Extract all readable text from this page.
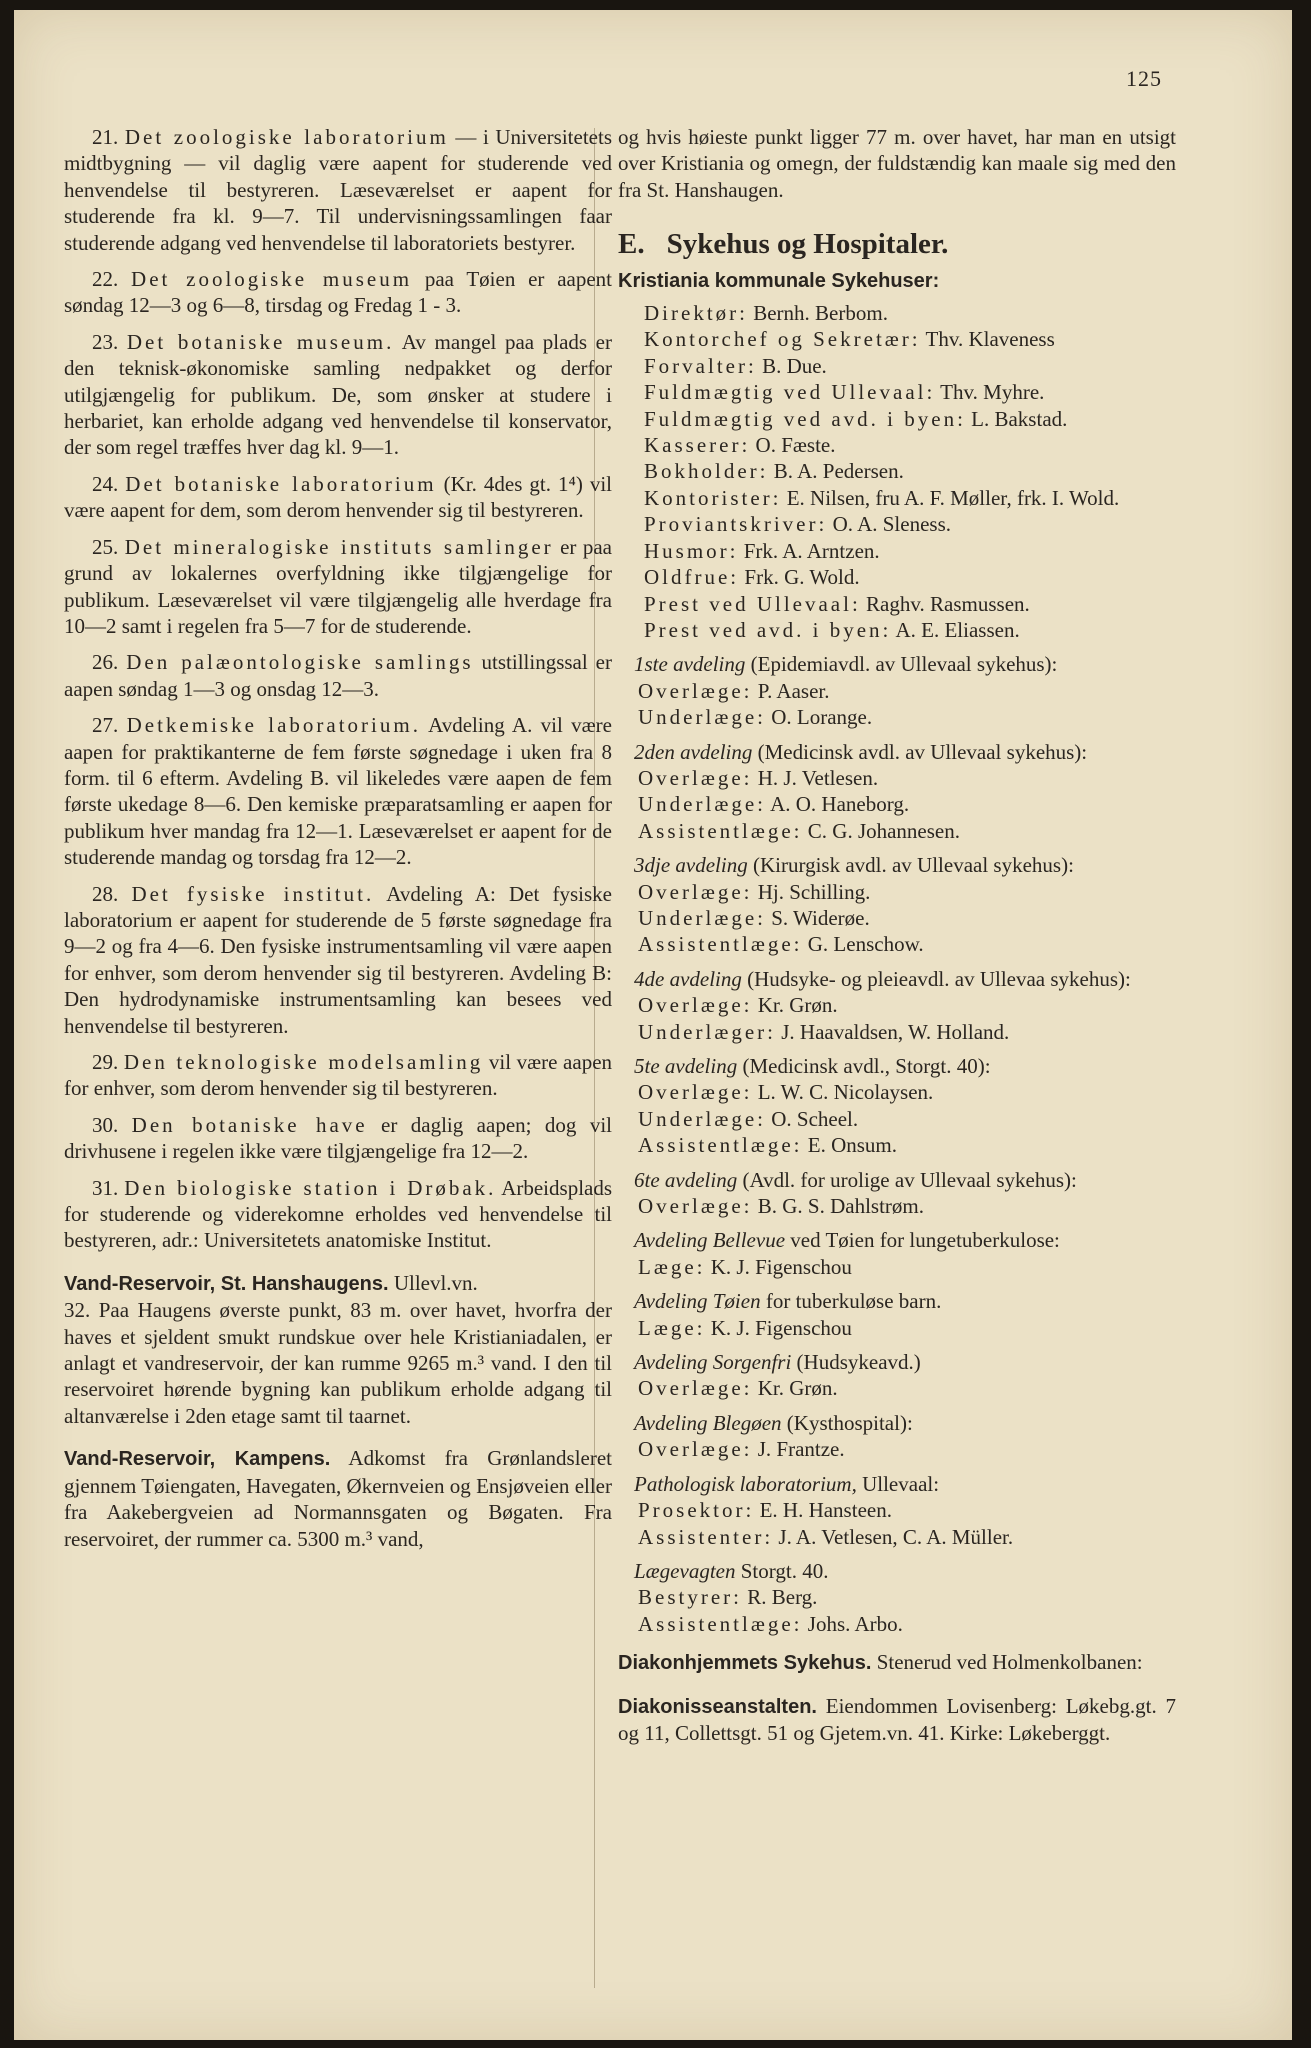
125

21. Det zoologiske laboratorium — i Universitetets midtbygning — vil daglig være aapent for studerende ved henvendelse til bestyreren. Læseværelset er aapent for studerende fra kl. 9—7. Til undervisningssamlingen faar studerende adgang ved henvendelse til laboratoriets bestyrer.

22. Det zoologiske museum paa Tøien er aapent søndag 12—3 og 6—8, tirsdag og Fredag 1 - 3.

23. Det botaniske museum. Av mangel paa plads er den teknisk-økonomiske samling nedpakket og derfor utilgjængelig for publikum. De, som ønsker at studere i herbariet, kan erholde adgang ved henvendelse til konservator, der som regel træffes hver dag kl. 9—1.

24. Det botaniske laboratorium (Kr. 4des gt. 1⁴) vil være aapent for dem, som derom henvender sig til bestyreren.

25. Det mineralogiske instituts samlinger er paa grund av lokalernes overfyldning ikke tilgjængelige for publikum. Læseværelset vil være tilgjængelig alle hverdage fra 10—2 samt i regelen fra 5—7 for de studerende.

26. Den palæontologiske samlings utstillingssal er aapen søndag 1—3 og onsdag 12—3.

27. Detkemiske laboratorium. Avdeling A. vil være aapen for praktikanterne de fem første søgnedage i uken fra 8 form. til 6 efterm. Avdeling B. vil likeledes være aapen de fem første ukedage 8—6. Den kemiske præparatsamling er aapen for publikum hver mandag fra 12—1. Læseværelset er aapent for de studerende mandag og torsdag fra 12—2.

28. Det fysiske institut. Avdeling A: Det fysiske laboratorium er aapent for studerende de 5 første søgnedage fra 9—2 og fra 4—6. Den fysiske instrumentsamling vil være aapen for enhver, som derom henvender sig til bestyreren. Avdeling B: Den hydrodynamiske instrumentsamling kan besees ved henvendelse til bestyreren.

29. Den teknologiske modelsamling vil være aapen for enhver, som derom henvender sig til bestyreren.

30. Den botaniske have er daglig aapen; dog vil drivhusene i regelen ikke være tilgjængelige fra 12—2.

31. Den biologiske station i Drøbak. Arbeidsplads for studerende og viderekomne erholdes ved henvendelse til bestyreren, adr.: Universitetets anatomiske Institut.

Vand-Reservoir, St. Hanshaugens. Ullevl.vn.
32. Paa Haugens øverste punkt, 83 m. over havet, hvorfra der haves et sjeldent smukt rundskue over hele Kristianiadalen, er anlagt et vandreservoir, der kan rumme 9265 m.³ vand. I den til reservoiret hørende bygning kan publikum erholde adgang til altanværelse i 2den etage samt til taarnet.

Vand-Reservoir, Kampens. Adkomst fra Grønlandsleret gjennem Tøiengaten, Havegaten, Økernveien og Ensjøveien eller fra Aakebergveien ad Normannsgaten og Bøgaten. Fra reservoiret, der rummer ca. 5300 m.³ vand,

og hvis høieste punkt ligger 77 m. over havet, har man en utsigt over Kristiania og omegn, der fuldstændig kan maale sig med den fra St. Hanshaugen.

E. Sykehus og Hospitaler.
Kristiania kommunale Sykehuser:

Direktør: Bernh. Berbom.

Kontorchef og Sekretær: Thv. Klaveness

Forvalter: B. Due.

Fuldmægtig ved Ullevaal: Thv. Myhre.

Fuldmægtig ved avd. i byen: L. Bakstad.

Kasserer: O. Fæste.

Bokholder: B. A. Pedersen.

Kontorister: E. Nilsen, fru A. F. Møller, frk. I. Wold.

Proviantskriver: O. A. Sleness.

Husmor: Frk. A. Arntzen.

Oldfrue: Frk. G. Wold.

Prest ved Ullevaal: Raghv. Rasmussen.

Prest ved avd. i byen: A. E. Eliassen.

1ste avdeling (Epidemiavdl. av Ullevaal sykehus):

Overlæge: P. Aaser.

Underlæge: O. Lorange.

2den avdeling (Medicinsk avdl. av Ullevaal sykehus):

Overlæge: H. J. Vetlesen.

Underlæge: A. O. Haneborg.

Assistentlæge: C. G. Johannesen.

3dje avdeling (Kirurgisk avdl. av Ullevaal sykehus):

Overlæge: Hj. Schilling.

Underlæge: S. Widerøe.

Assistentlæge: G. Lenschow.

4de avdeling (Hudsyke- og pleieavdl. av Ullevaa sykehus):

Overlæge: Kr. Grøn.

Underlæger: J. Haavaldsen, W. Holland.

5te avdeling (Medicinsk avdl., Storgt. 40):

Overlæge: L. W. C. Nicolaysen.

Underlæge: O. Scheel.

Assistentlæge: E. Onsum.

6te avdeling (Avdl. for urolige av Ullevaal sykehus):

Overlæge: B. G. S. Dahlstrøm.

Avdeling Bellevue ved Tøien for lungetuberkulose:

Læge: K. J. Figenschou

Avdeling Tøien for tuberkuløse barn.

Læge: K. J. Figenschou

Avdeling Sorgenfri (Hudsykeavd.)

Overlæge: Kr. Grøn.

Avdeling Blegøen (Kysthospital):

Overlæge: J. Frantze.

Pathologisk laboratorium, Ullevaal:

Prosektor: E. H. Hansteen.

Assistenter: J. A. Vetlesen, C. A. Müller.

Lægevagten Storgt. 40.

Bestyrer: R. Berg.

Assistentlæge: Johs. Arbo.

Diakonhjemmets Sykehus. Stenerud ved Holmenkolbanen:

Diakonisseanstalten. Eiendommen Lovisenberg: Løkebg.gt. 7 og 11, Collettsgt. 51 og Gjetem.vn. 41. Kirke: Løkeberggt.
